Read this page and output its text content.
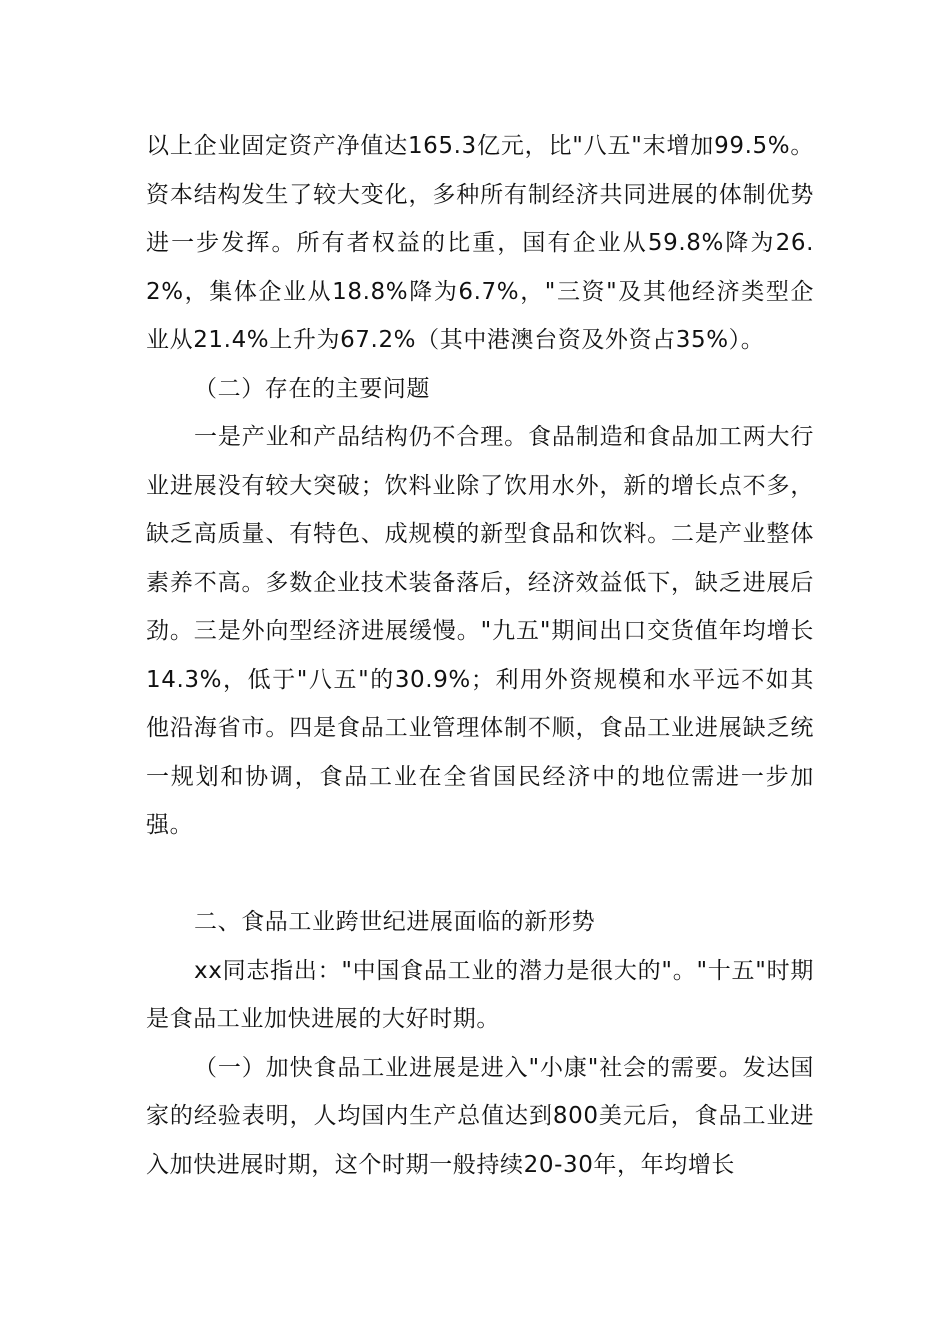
以上企业固定资产净值达165.3亿元，比"八五"末增加99.5%。资本结构发生了较大变化，多种所有制经济共同进展的体制优势进一步发挥。所有者权益的比重，国有企业从59.8%降为26.2%，集体企业从18.8%降为6.7%，"三资"及其他经济类型企业从21.4%上升为67.2%（其中港澳台资及外资占35%）。

（二）存在的主要问题

一是产业和产品结构仍不合理。食品制造和食品加工两大行业进展没有较大突破；饮料业除了饮用水外，新的增长点不多，缺乏高质量、有特色、成规模的新型食品和饮料。二是产业整体素养不高。多数企业技术装备落后，经济效益低下，缺乏进展后劲。三是外向型经济进展缓慢。"九五"期间出口交货值年均增长14.3%，低于"八五"的30.9%；利用外资规模和水平远不如其他沿海省市。四是食品工业管理体制不顺，食品工业进展缺乏统一规划和协调，食品工业在全省国民经济中的地位需进一步加强。

二、食品工业跨世纪进展面临的新形势

xx同志指出："中国食品工业的潜力是很大的"。"十五"时期是食品工业加快进展的大好时期。

（一）加快食品工业进展是进入"小康"社会的需要。发达国家的经验表明，人均国内生产总值达到800美元后，食品工业进入加快进展时期，这个时期一般持续20-30年，年均增长
